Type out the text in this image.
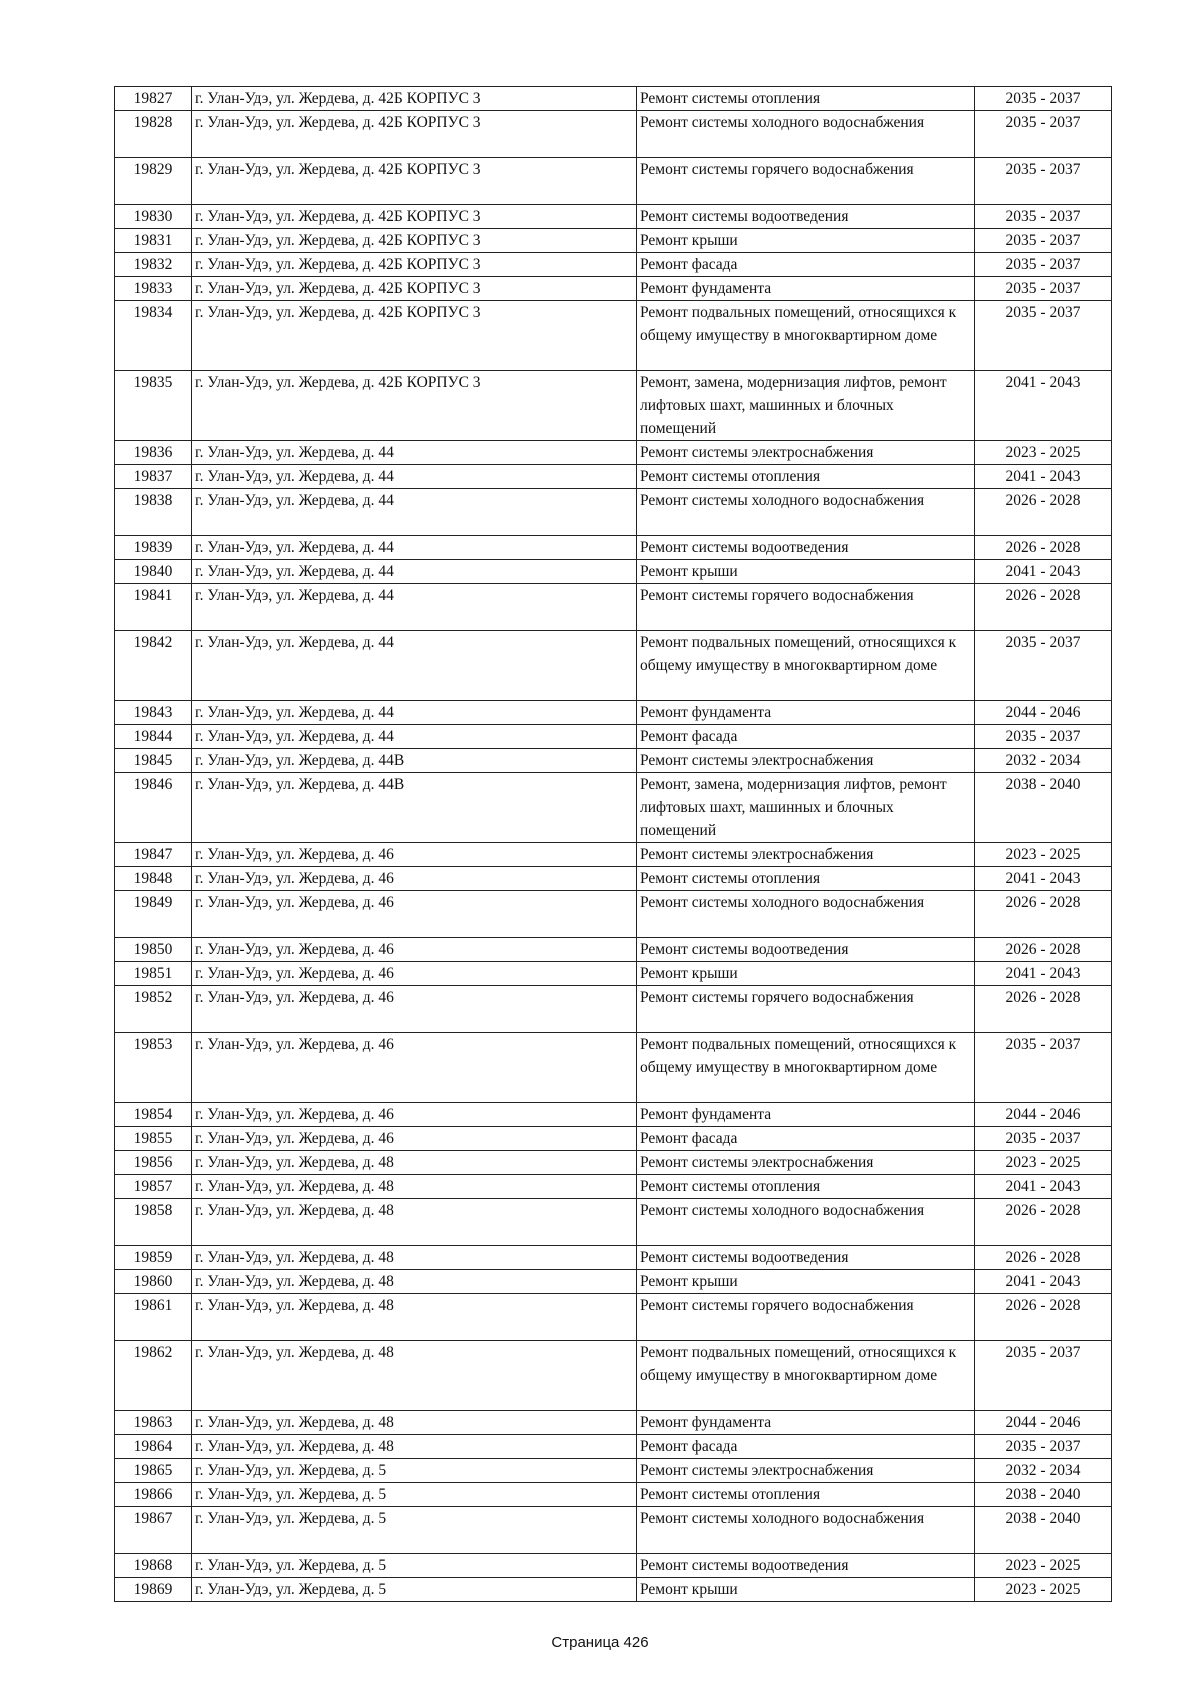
19827	г. Улан-Удэ, ул. Жердева, д. 42Б КОРПУС 3	Ремонт системы отопления	2035 - 2037
19828	г. Улан-Удэ, ул. Жердева, д. 42Б КОРПУС 3	Ремонт системы холодного водоснабжения	2035 - 2037
19829	г. Улан-Удэ, ул. Жердева, д. 42Б КОРПУС 3	Ремонт системы горячего водоснабжения	2035 - 2037
19830	г. Улан-Удэ, ул. Жердева, д. 42Б КОРПУС 3	Ремонт системы водоотведения	2035 - 2037
19831	г. Улан-Удэ, ул. Жердева, д. 42Б КОРПУС 3	Ремонт крыши	2035 - 2037
19832	г. Улан-Удэ, ул. Жердева, д. 42Б КОРПУС 3	Ремонт фасада	2035 - 2037
19833	г. Улан-Удэ, ул. Жердева, д. 42Б КОРПУС 3	Ремонт фундамента	2035 - 2037
19834	г. Улан-Удэ, ул. Жердева, д. 42Б КОРПУС 3	Ремонт подвальных помещений, относящихся к общему имуществу в многоквартирном доме	2035 - 2037
19835	г. Улан-Удэ, ул. Жердева, д. 42Б КОРПУС 3	Ремонт, замена, модернизация лифтов, ремонт лифтовых шахт, машинных и блочных помещений	2041 - 2043
19836	г. Улан-Удэ, ул. Жердева, д. 44	Ремонт системы электроснабжения	2023 - 2025
19837	г. Улан-Удэ, ул. Жердева, д. 44	Ремонт системы отопления	2041 - 2043
19838	г. Улан-Удэ, ул. Жердева, д. 44	Ремонт системы холодного водоснабжения	2026 - 2028
19839	г. Улан-Удэ, ул. Жердева, д. 44	Ремонт системы водоотведения	2026 - 2028
19840	г. Улан-Удэ, ул. Жердева, д. 44	Ремонт крыши	2041 - 2043
19841	г. Улан-Удэ, ул. Жердева, д. 44	Ремонт системы горячего водоснабжения	2026 - 2028
19842	г. Улан-Удэ, ул. Жердева, д. 44	Ремонт подвальных помещений, относящихся к общему имуществу в многоквартирном доме	2035 - 2037
19843	г. Улан-Удэ, ул. Жердева, д. 44	Ремонт фундамента	2044 - 2046
19844	г. Улан-Удэ, ул. Жердева, д. 44	Ремонт фасада	2035 - 2037
19845	г. Улан-Удэ, ул. Жердева, д. 44В	Ремонт системы электроснабжения	2032 - 2034
19846	г. Улан-Удэ, ул. Жердева, д. 44В	Ремонт, замена, модернизация лифтов, ремонт лифтовых шахт, машинных и блочных помещений	2038 - 2040
19847	г. Улан-Удэ, ул. Жердева, д. 46	Ремонт системы электроснабжения	2023 - 2025
19848	г. Улан-Удэ, ул. Жердева, д. 46	Ремонт системы отопления	2041 - 2043
19849	г. Улан-Удэ, ул. Жердева, д. 46	Ремонт системы холодного водоснабжения	2026 - 2028
19850	г. Улан-Удэ, ул. Жердева, д. 46	Ремонт системы водоотведения	2026 - 2028
19851	г. Улан-Удэ, ул. Жердева, д. 46	Ремонт крыши	2041 - 2043
19852	г. Улан-Удэ, ул. Жердева, д. 46	Ремонт системы горячего водоснабжения	2026 - 2028
19853	г. Улан-Удэ, ул. Жердева, д. 46	Ремонт подвальных помещений, относящихся к общему имуществу в многоквартирном доме	2035 - 2037
19854	г. Улан-Удэ, ул. Жердева, д. 46	Ремонт фундамента	2044 - 2046
19855	г. Улан-Удэ, ул. Жердева, д. 46	Ремонт фасада	2035 - 2037
19856	г. Улан-Удэ, ул. Жердева, д. 48	Ремонт системы электроснабжения	2023 - 2025
19857	г. Улан-Удэ, ул. Жердева, д. 48	Ремонт системы отопления	2041 - 2043
19858	г. Улан-Удэ, ул. Жердева, д. 48	Ремонт системы холодного водоснабжения	2026 - 2028
19859	г. Улан-Удэ, ул. Жердева, д. 48	Ремонт системы водоотведения	2026 - 2028
19860	г. Улан-Удэ, ул. Жердева, д. 48	Ремонт крыши	2041 - 2043
19861	г. Улан-Удэ, ул. Жердева, д. 48	Ремонт системы горячего водоснабжения	2026 - 2028
19862	г. Улан-Удэ, ул. Жердева, д. 48	Ремонт подвальных помещений, относящихся к общему имуществу в многоквартирном доме	2035 - 2037
19863	г. Улан-Удэ, ул. Жердева, д. 48	Ремонт фундамента	2044 - 2046
19864	г. Улан-Удэ, ул. Жердева, д. 48	Ремонт фасада	2035 - 2037
19865	г. Улан-Удэ, ул. Жердева, д. 5	Ремонт системы электроснабжения	2032 - 2034
19866	г. Улан-Удэ, ул. Жердева, д. 5	Ремонт системы отопления	2038 - 2040
19867	г. Улан-Удэ, ул. Жердева, д. 5	Ремонт системы холодного водоснабжения	2038 - 2040
19868	г. Улан-Удэ, ул. Жердева, д. 5	Ремонт системы водоотведения	2023 - 2025
19869	г. Улан-Удэ, ул. Жердева, д. 5	Ремонт крыши	2023 - 2025
Страница 426
